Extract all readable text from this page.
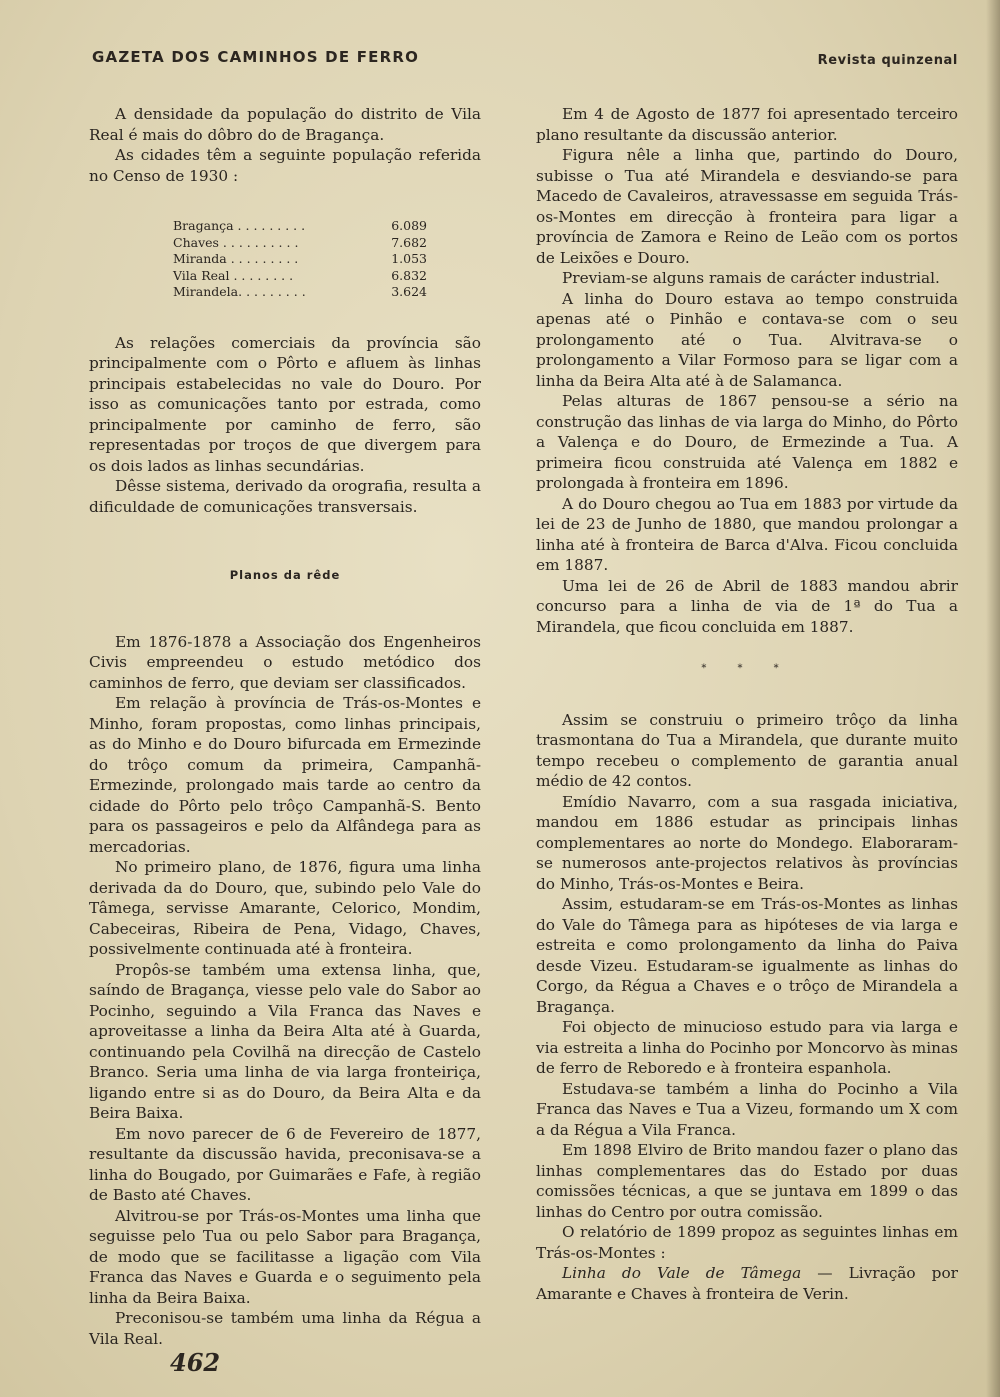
GAZETA DOS CAMINHOS DE FERRO	Revista quinzenal

A densidade da população do distrito de Vila Real é mais do dôbro do de Bragança.

As cidades têm a seguinte população referida no Censo de 1930 :

Bragança . . . . . . . . .	6.089
Chaves . . . . . . . . . .	7.682
Miranda . . . . . . . . .	1.053
Vila Real . . . . . . . .	6.832
Mirandela. . . . . . . . .	3.624

As relações comerciais da província são principalmente com o Pôrto e afluem às linhas principais estabelecidas no vale do Douro. Por isso as comunicações tanto por estrada, como principalmente por caminho de ferro, são representadas por troços de que divergem para os dois lados as linhas secundárias.

Dêsse sistema, derivado da orografia, resulta a dificuldade de comunicações transversais.

Planos da rêde

Em 1876-1878 a Associação dos Engenheiros Civis empreendeu o estudo metódico dos caminhos de ferro, que deviam ser classificados.

Em relação à província de Trás-os-Montes e Minho, foram propostas, como linhas principais, as do Minho e do Douro bifurcada em Ermezinde do trôço comum da primeira, Campanhã-Ermezinde, prolongado mais tarde ao centro da cidade do Pôrto pelo trôço Campanhã-S. Bento para os passageiros e pelo da Alfândega para as mercadorias.

No primeiro plano, de 1876, figura uma linha derivada da do Douro, que, subindo pelo Vale do Tâmega, servisse Amarante, Celorico, Mondim, Cabeceiras, Ribeira de Pena, Vidago, Chaves, possivelmente continuada até à fronteira.

Propôs-se também uma extensa linha, que, saíndo de Bragança, viesse pelo vale do Sabor ao Pocinho, seguindo a Vila Franca das Naves e aproveitasse a linha da Beira Alta até à Guarda, continuando pela Covilhã na direcção de Castelo Branco. Seria uma linha de via larga fronteiriça, ligando entre si as do Douro, da Beira Alta e da Beira Baixa.

Em novo parecer de 6 de Fevereiro de 1877, resultante da discussão havida, preconisava-se a linha do Bougado, por Guimarães e Fafe, à região de Basto até Chaves.

Alvitrou-se por Trás-os-Montes uma linha que seguisse pelo Tua ou pelo Sabor para Bragança, de modo que se facilitasse a ligação com Vila Franca das Naves e Guarda e o seguimento pela linha da Beira Baixa.

Preconisou-se também uma linha da Régua a Vila Real.

Em 4 de Agosto de 1877 foi apresentado terceiro plano resultante da discussão anterior.

Figura nêle a linha que, partindo do Douro, subisse o Tua até Mirandela e desviando-se para Macedo de Cavaleiros, atravessasse em seguida Trás-os-Montes em direcção à fronteira para ligar a província de Zamora e Reino de Leão com os portos de Leixões e Douro.

Previam-se alguns ramais de carácter industrial.

A linha do Douro estava ao tempo construida apenas até o Pinhão e contava-se com o seu prolongamento até o Tua. Alvitrava-se o prolongamento a Vilar Formoso para se ligar com a linha da Beira Alta até à de Salamanca.

Pelas alturas de 1867 pensou-se a sério na construção das linhas de via larga do Minho, do Pôrto a Valença e do Douro, de Ermezinde a Tua. A primeira ficou construida até Valença em 1882 e prolongada à fronteira em 1896.

A do Douro chegou ao Tua em 1883 por virtude da lei de 23 de Junho de 1880, que mandou prolongar a linha até à fronteira de Barca d'Alva. Ficou concluida em 1887.

Uma lei de 26 de Abril de 1883 mandou abrir concurso para a linha de via de 1ª do Tua a Mirandela, que ficou concluida em 1887.

* * *

Assim se construiu o primeiro trôço da linha trasmontana do Tua a Mirandela, que durante muito tempo recebeu o complemento de garantia anual médio de 42 contos.

Emídio Navarro, com a sua rasgada iniciativa, mandou em 1886 estudar as principais linhas complementares ao norte do Mondego. Elaboraram-se numerosos ante-projectos relativos às províncias do Minho, Trás-os-Montes e Beira.

Assim, estudaram-se em Trás-os-Montes as linhas do Vale do Tâmega para as hipóteses de via larga e estreita e como prolongamento da linha do Paiva desde Vizeu. Estudaram-se igualmente as linhas do Corgo, da Régua a Chaves e o trôço de Mirandela a Bragança.

Foi objecto de minucioso estudo para via larga e via estreita a linha do Pocinho por Moncorvo às minas de ferro de Reboredo e à fronteira espanhola.

Estudava-se também a linha do Pocinho a Vila Franca das Naves e Tua a Vizeu, formando um X com a da Régua a Vila Franca.

Em 1898 Elviro de Brito mandou fazer o plano das linhas complementares das do Estado por duas comissões técnicas, a que se juntava em 1899 o das linhas do Centro por outra comissão.

O relatório de 1899 propoz as seguintes linhas em Trás-os-Montes :

Linha do Vale de Tâmega — Livração por Amarante e Chaves à fronteira de Verin.

462
